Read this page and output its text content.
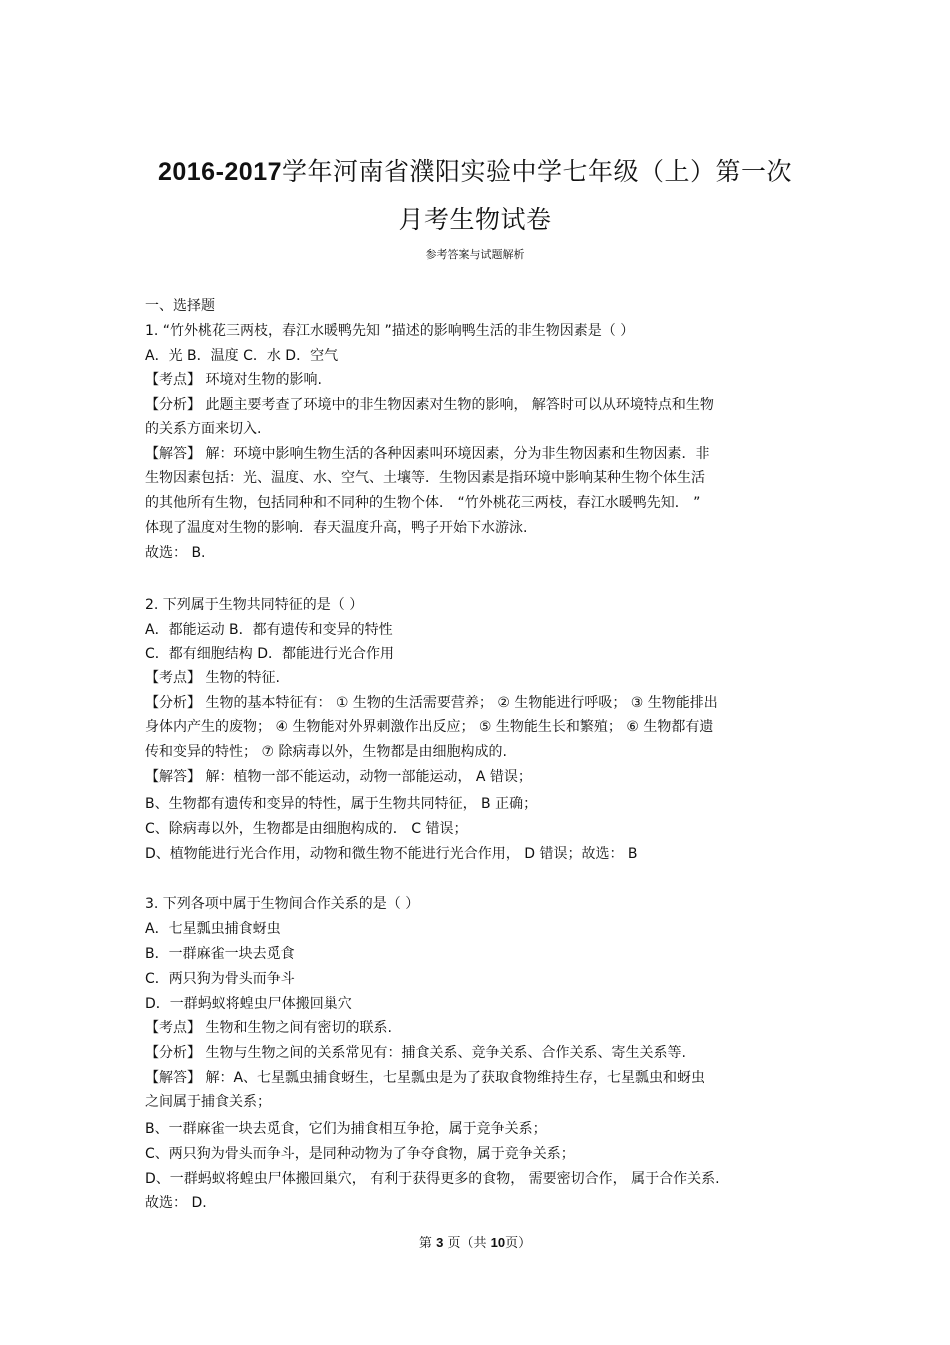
2016-2017学年河南省濮阳实验中学七年级（上）第一次
月考生物试卷
参考答案与试题解析
一、选择题
1. “竹外桃花三两枝，春江水暖鸭先知 ”描述的影响鸭生活的非生物因素是（ ）
A．光 B．温度 C．水 D．空气
【考点】 环境对生物的影响.
【分析】 此题主要考查了环境中的非生物因素对生物的影响， 解答时可以从环境特点和生物
的关系方面来切入.
【解答】 解：环境中影响生物生活的各种因素叫环境因素，分为非生物因素和生物因素．非
生物因素包括：光、温度、水、空气、土壤等．生物因素是指环境中影响某种生物个体生活
的其他所有生物，包括同种和不同种的生物个体． “竹外桃花三两枝，春江水暖鸭先知． ”
体现了温度对生物的影响．春天温度升高，鸭子开始下水游泳.
故选： B.
2. 下列属于生物共同特征的是（ ）
A．都能运动 B．都有遗传和变异的特性
C．都有细胞结构 D．都能进行光合作用
【考点】 生物的特征.
【分析】 生物的基本特征有： ① 生物的生活需要营养； ② 生物能进行呼吸； ③ 生物能排出
身体内产生的废物； ④ 生物能对外界刺激作出反应； ⑤ 生物能生长和繁殖； ⑥ 生物都有遗
传和变异的特性； ⑦ 除病毒以外，生物都是由细胞构成的.
【解答】 解：植物一部不能运动，动物一部能运动， A 错误；
B、生物都有遗传和变异的特性，属于生物共同特征， B 正确；
C、除病毒以外，生物都是由细胞构成的． C 错误；
D、植物能进行光合作用，动物和微生物不能进行光合作用， D 错误；故选： B
3. 下列各项中属于生物间合作关系的是（ ）
A．七星瓢虫捕食蚜虫
B．一群麻雀一块去觅食
C．两只狗为骨头而争斗
D．一群蚂蚁将蝗虫尸体搬回巢穴
【考点】 生物和生物之间有密切的联系.
【分析】 生物与生物之间的关系常见有：捕食关系、竞争关系、合作关系、寄生关系等.
【解答】 解：A、七星瓢虫捕食蚜生，七星瓢虫是为了获取食物维持生存，七星瓢虫和蚜虫
之间属于捕食关系；
B、一群麻雀一块去觅食，它们为捕食相互争抢，属于竞争关系；
C、两只狗为骨头而争斗，是同种动物为了争夺食物，属于竞争关系；
D、一群蚂蚁将蝗虫尸体搬回巢穴， 有利于获得更多的食物， 需要密切合作， 属于合作关系.
故选： D.
第 3 页（共 10页）
